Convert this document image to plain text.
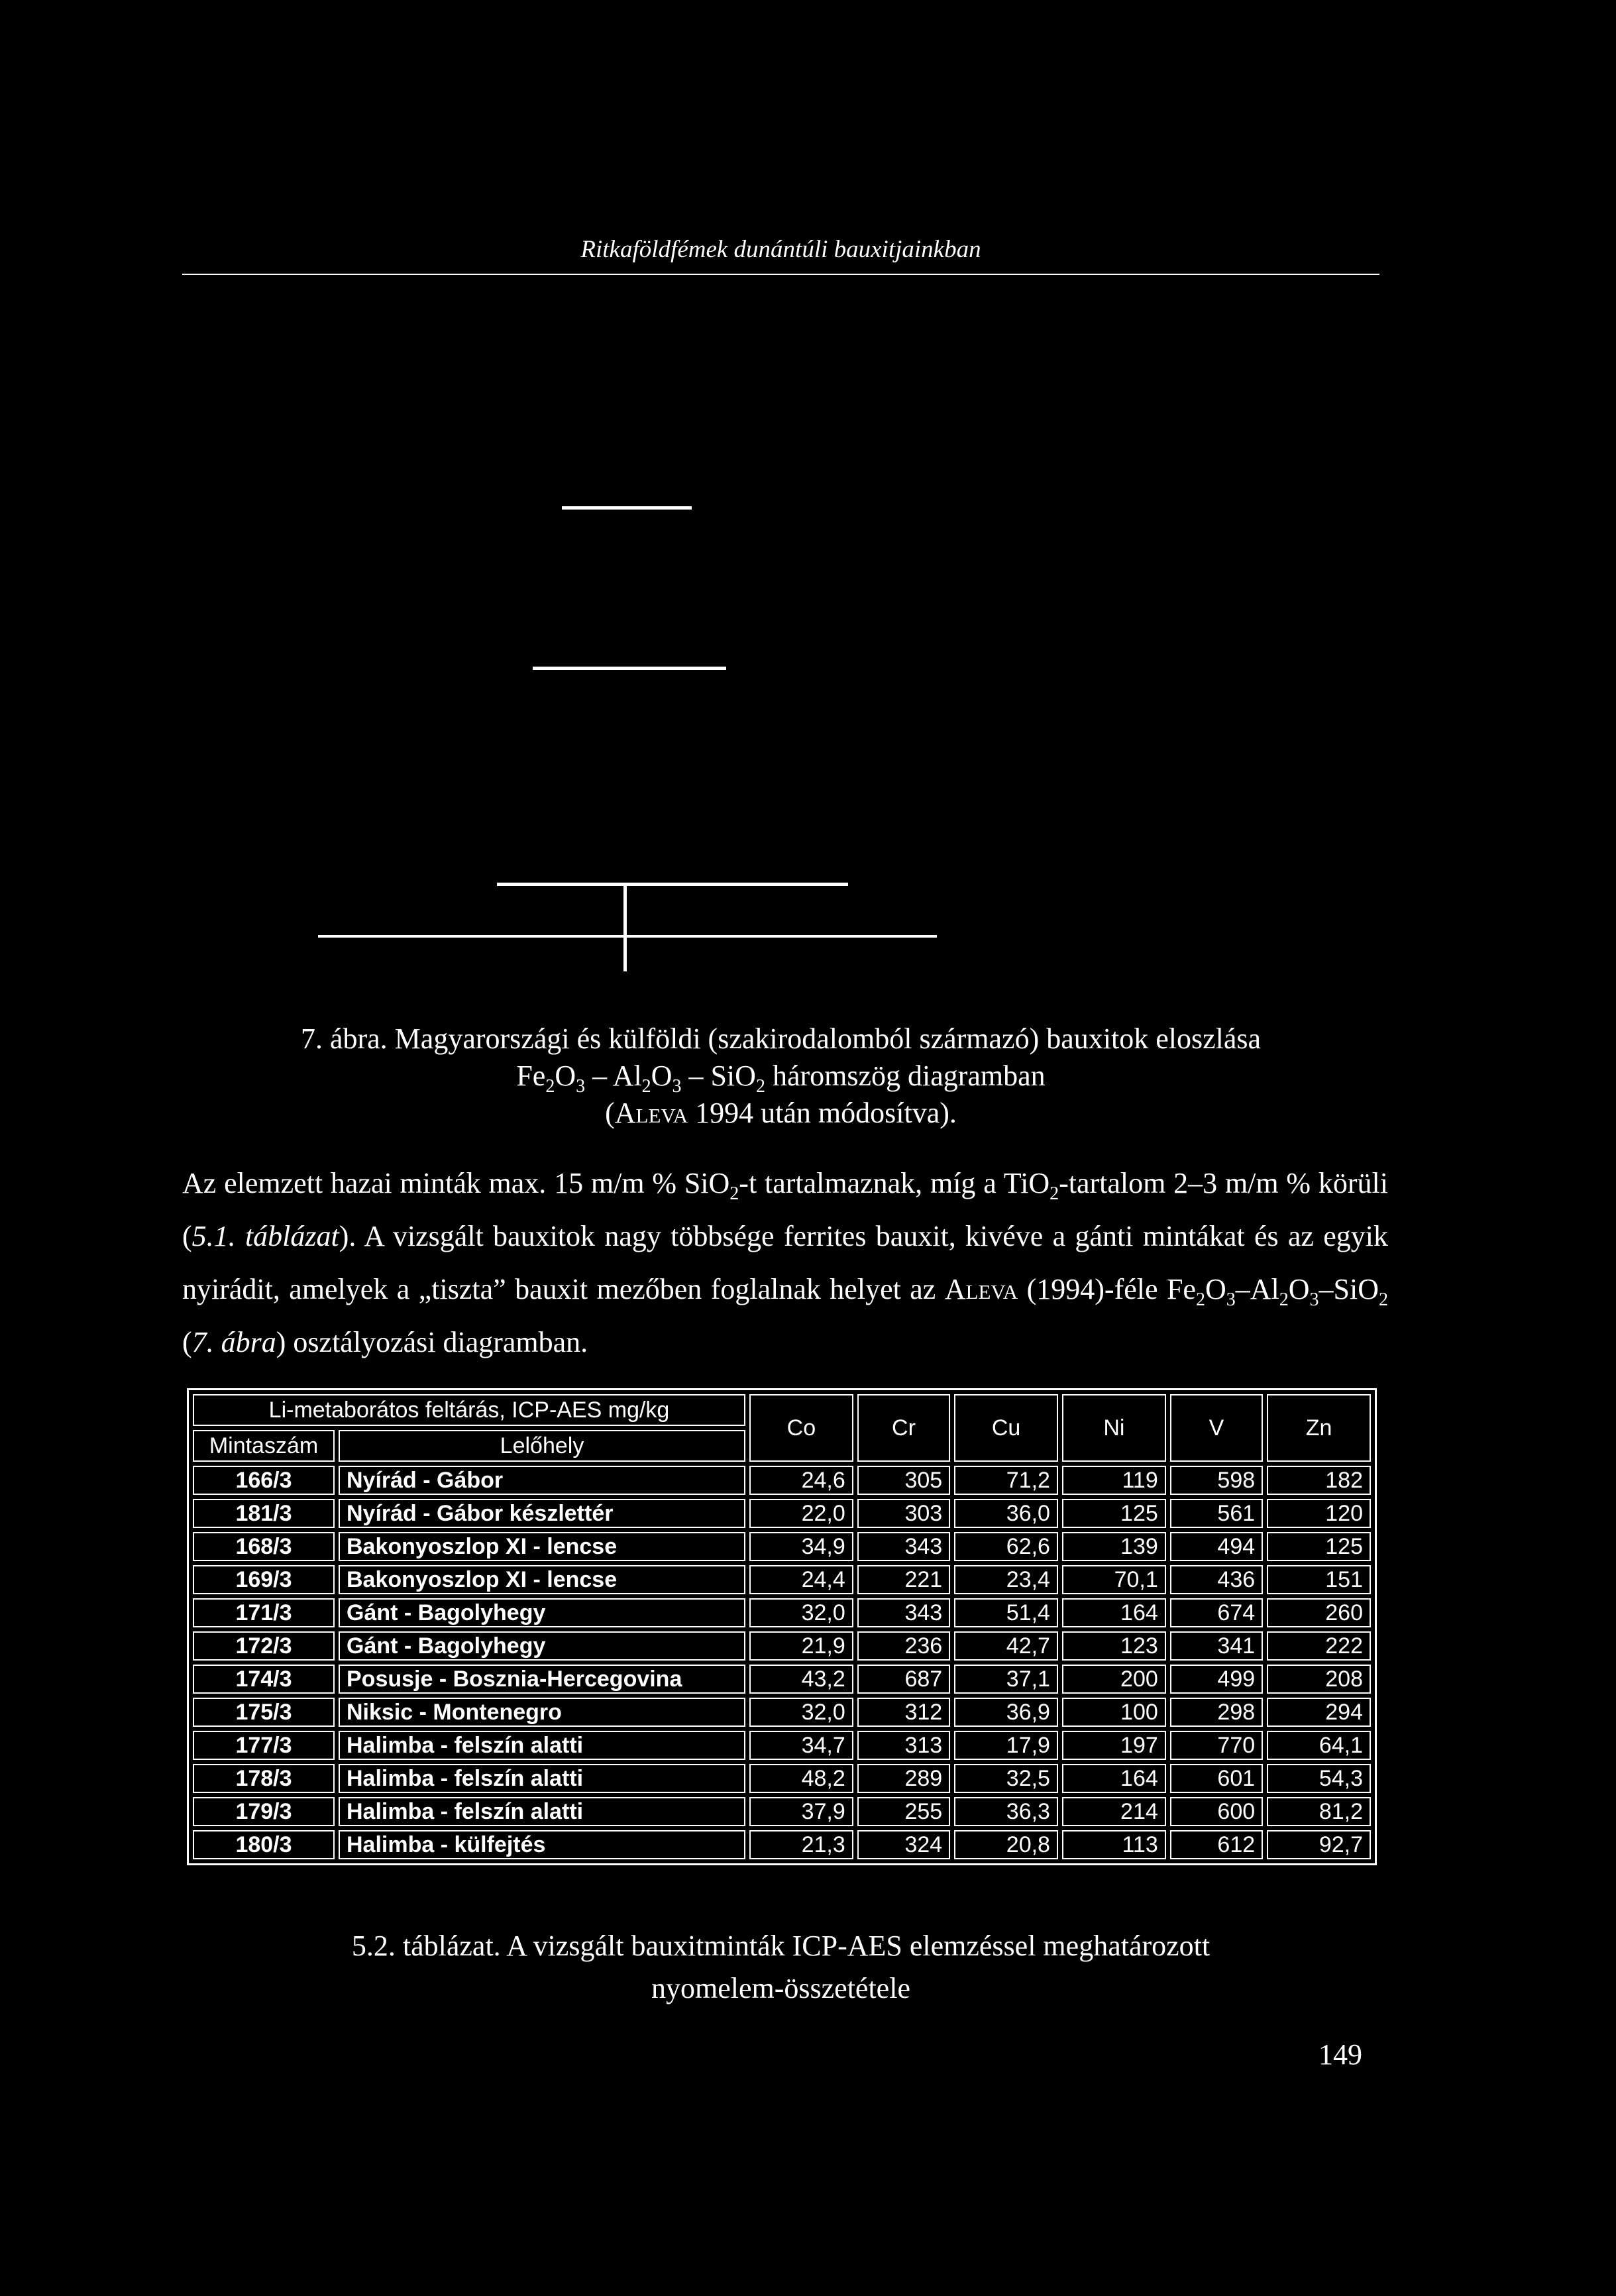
Ritkaföldfémek dunántúli bauxitjainkban
7. ábra. Magyarországi és külföldi (szakirodalomból származó) bauxitok eloszlása
$Fe_2O_3 - Al_2O_3 - SiO_2$ háromszög diagramban
(Aleva 1994 után módosítva).

Az elemzett hazai minták max. 15 m/m % SiO$_2$-t tartalmaznak, míg a TiO$_2$-tartalom 2–3 m/m % körüli (5.1. táblázat). A vizsgált bauxitok nagy többsége ferrites bauxit, kivéve a gánti mintákat és az egyik nyirádit, amelyek a „tiszta” bauxit mezőben foglalnak helyet az Aleva (1994)-féle $Fe_2O_3-Al_2O_3-SiO_2$ (7. ábra) osztályozási diagramban.

Li-metaborátos feltárás, ICP-AES mg/kg		Co	Cr	Cu	Ni	V	Zn
Mintaszám	Lelőhely						
166/3	Nyírád - Gábor	24,6	305	71,2	119	598	182
181/3	Nyírád - Gábor készlettér	22,0	303	36,0	125	561	120
168/3	Bakonyoszlop XI - lencse	34,9	343	62,6	139	494	125
169/3	Bakonyoszlop XI - lencse	24,4	221	23,4	70,1	436	151
171/3	Gánt - Bagolyhegy	32,0	343	51,4	164	674	260
172/3	Gánt - Bagolyhegy	21,9	236	42,7	123	341	222
174/3	Posusje - Bosznia-Hercegovina	43,2	687	37,1	200	499	208
175/3	Niksic - Montenegro	32,0	312	36,9	100	298	294
177/3	Halimba - felszín alatti	34,7	313	17,9	197	770	64,1
178/3	Halimba - felszín alatti	48,2	289	32,5	164	601	54,3
179/3	Halimba - felszín alatti	37,9	255	36,3	214	600	81,2
180/3	Halimba - külfejtés	21,3	324	20,8	113	612	92,7
5.2. táblázat. A vizsgált bauxitminták ICP-AES elemzéssel meghatározott
nyomelem-összetétele
149
